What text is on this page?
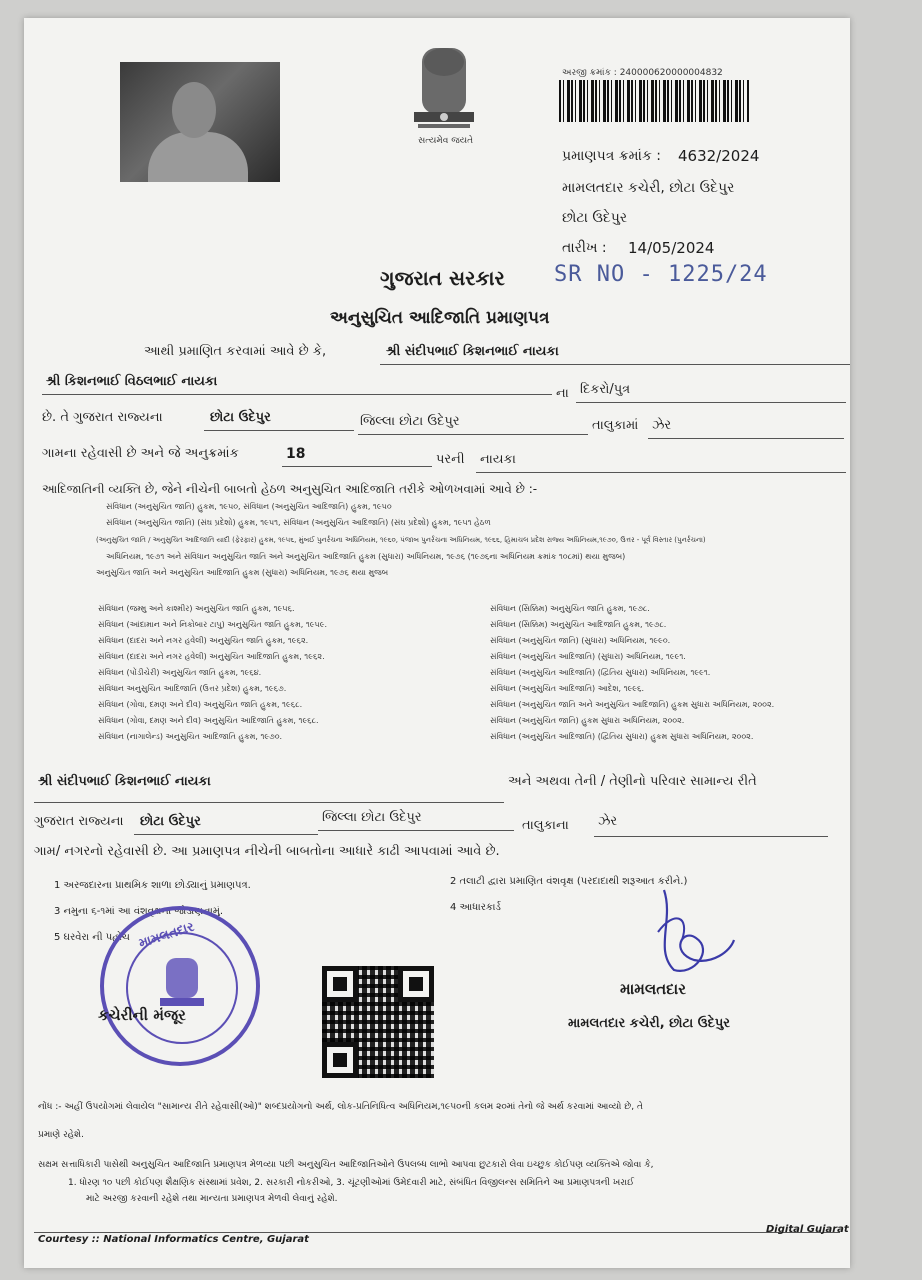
સત્યમેવ જયતે
અરજી ક્રમાંક : 240000620000004832
પ્રમાણપત્ર ક્રમાંક : 4632/2024
મામલતદાર કચેરી, છોટા ઉદેપુર
છોટા ઉદેપુર
તારીખ : 14/05/2024
SR NO - 1225/24
ગુજરાત સરકાર
અનુસુચિત આદિજાતિ પ્રમાણપત્ર
આથી પ્રમાણિત કરવામાં આવે છે કે,	શ્રી સંદીપભાઈ કિશનભાઈ નાયકા
શ્રી કિશનભાઈ વિઠલભાઈ નાયકા
ના દિકરો/પુત્ર
છે. તે ગુજરાત રાજ્યના	છોટા ઉદેપુર	જિલ્લા છોટા ઉદેપુર	તાલુકામાં ઝેર
ગામના રહેવાસી છે અને જે અનુક્રમાંક	18	પરની નાયકા
આદિજાતિની વ્યક્તિ છે, જેને નીચેની બાબતો હેઠળ અનુસુચિત આદિજાતિ તરીકે ઓળખવામાં આવે છે :-
સંવિધાન (અનુસુચિત જાતિ) હુકમ, ૧૯૫૦, સંવિધાન (અનુસુચિત આદિજાતિ) હુકમ, ૧૯૫૦
સંવિધાન (અનુસુચિત જાતિ) (સંઘ પ્રદેશો) હુકમ, ૧૯૫૧, સંવિધાન (અનુસુચિત આદિજાતિ) (સંઘ પ્રદેશો) હુકમ, ૧૯૫૧ હેઠળ
(અનુસુચિત જાતિ / અનુસુચિત આદિજાતિ યાદી (ફેરફાર) હુકમ, ૧૯૫૬, મુંબઈ પુનર્રચના અધિનિયમ, ૧૯૬૦, પંજાબ પુનર્રચના અધિનિયમ, ૧૯૬૬, હિમાચલ પ્રદેશ રાજ્ય અધિનિયમ,૧૯૭૦, ઉત્તર - પૂર્વ વિસ્તાર (પુનર્રચના)
અધિનિયમ, ૧૯૭૧ અને સંવિધાન અનુસુચિત જાતિ અને અનુસુચિત આદિજાતિ હુકમ (સુધારા) અધિનિયમ, ૧૯૭૬ (૧૯૭૬ના અધિનિયમ ક્રમાંક ૧૦૮માં) થયા મુજબ)
અનુસુચિત જાતિ અને અનુસુચિત આદિજાતિ હુકમ (સુધારા) અધિનિયમ, ૧૯૭૬ થયા મુજબ
સંવિધાન (જમ્મુ અને કાશ્મીર) અનુસુચિત જાતિ હુકમ, ૧૯૫૬.
સંવિધાન (આંદામાન અને નિકોબાર ટાપુ) અનુસુચિત જાતિ હુકમ, ૧૯૫૯.
સંવિધાન (દાદરા અને નગર હવેલી) અનુસુચિત જાતિ હુકમ, ૧૯૬૨.
સંવિધાન (દાદરા અને નગર હવેલી) અનુસુચિત આદિજાતિ હુકમ, ૧૯૬૨.
સંવિધાન (પોંડીચેરી) અનુસુચિત જાતિ હુકમ, ૧૯૬૪.
સંવિધાન અનુસુચિત આદિજાતિ (ઉત્તર પ્રદેશ) હુકમ, ૧૯૬૭.
સંવિધાન (ગોવા, દમણ અને દીવ) અનુસુચિત જાતિ હુકમ, ૧૯૬૮.
સંવિધાન (ગોવા, દમણ અને દીવ) અનુસુચિત આદિજાતિ હુકમ, ૧૯૬૮.
સંવિધાન (નાગાલેન્ડ) અનુસુચિત આદિજાતિ હુકમ, ૧૯૭૦.
સંવિધાન (સિક્કિમ) અનુસુચિત જાતિ હુકમ, ૧૯૭૮.
સંવિધાન (સિક્કિમ) અનુસુચિત આદિજાતિ હુકમ, ૧૯૭૮.
સંવિધાન (અનુસુચિત જાતિ) (સુધારા) અધિનિયમ, ૧૯૯૦.
સંવિધાન (અનુસુચિત આદિજાતિ) (સુધારા) અધિનિયમ, ૧૯૯૧.
સંવિધાન (અનુસુચિત આદિજાતિ) (દ્વિતિય સુધારા) અધિનિયમ, ૧૯૯૧.
સંવિધાન (અનુસુચિત આદિજાતિ) આદેશ, ૧૯૯૬.
સંવિધાન (અનુસુચિત જાતિ અને અનુસુચિત આદિજાતિ) હુકમ સુધારા અધિનિયમ, ૨૦૦૨.
સંવિધાન (અનુસુચિત જાતિ) હુકમ સુધારા અધિનિયમ, ૨૦૦૨.
સંવિધાન (અનુસુચિત આદિજાતિ) (દ્વિતિય સુધારા) હુકમ સુધારા અધિનિયમ, ૨૦૦૨.
શ્રી સંદીપભાઈ કિશનભાઈ નાયકા	અને અથવા તેની / તેણીનો પરિવાર સામાન્ય રીતે
ગુજરાત રાજ્યના છોટા ઉદેપુર	જિલ્લા છોટા ઉદેપુર
તાલુકાના ઝેર
ગામ/ નગરનો રહેવાસી છે. આ પ્રમાણપત્ર નીચેની બાબતોના આધારે કાઢી આપવામાં આવે છે.
1 અરજદારના પ્રાથમિક શાળા છોડ્યાનું પ્રમાણપત્ર.	2 તલાટી દ્વારા પ્રમાણિત વંશવૃક્ષ (પરદાદાથી શરૂઆત કરીને.)
3 નમુના ૬-૧માં આ વંશવૃક્ષના જોડાણનામું.	4 આધારકાર્ડ
5 ઘરવેરા ની પહોંચ મામલતદાર
કચેરીની મંજૂર
મામલતદાર
મામલતદાર કચેરી, છોટા ઉદેપુર
નોંધ :- અહીં ઉપયોગમાં લેવાયેલ "સામાન્ય રીતે રહેવાસી(ઓ)" શબ્દપ્રયોગનો અર્થ, લોક-પ્રતિનિધિત્વ અધિનિયમ,૧૯૫૦ની કલમ ૨૦માં તેનો જે અર્થ કરવામાં આવ્યો છે, તે
પ્રમાણે રહેશે.
સક્ષમ સત્તાધિકારી પાસેથી અનુસુચિત આદિજાતિ પ્રમાણપત્ર મેળવ્યા પછી અનુસુચિત આદિજાતિઓને ઉપલબ્ધ લાભો આપવા છુટકારો લેવા ઇચ્છુક કોઈપણ વ્યક્તિએ જોવા કે,
1. ધોરણ ૧૦ પછી કોઈપણ શૈક્ષણિક સંસ્થામાં પ્રવેશ, 2. સરકારી નોકરીઓ, 3. ચૂંટણીઓમાં ઉમેદવારી માટે, સંબંધિત વિજીલન્સ સમિતિને આ પ્રમાણપત્રની ખરાઈ
માટે અરજી કરવાની રહેશે તથા માન્યતા પ્રમાણપત્ર મેળવી લેવાનું રહેશે.
Courtesy :: National Informatics Centre, Gujarat
Digital Gujarat
